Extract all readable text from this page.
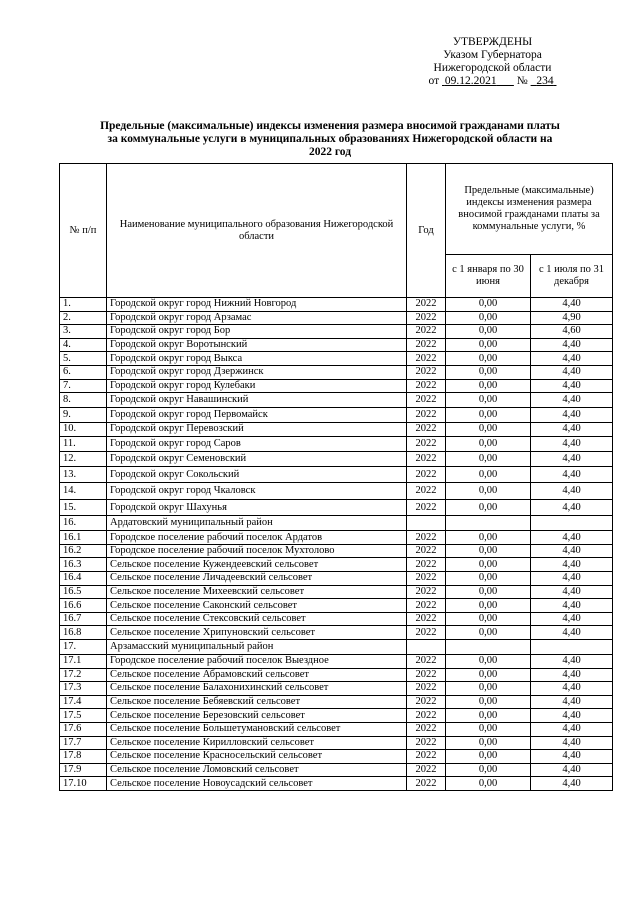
УТВЕРЖДЕНЫ
Указом Губернатора
Нижегородской области
от 09.12.2021 № 234
Предельные (максимальные) индексы изменения размера вносимой гражданами платы за коммунальные услуги в муниципальных образованиях Нижегородской области на 2022 год
№ п/п	Наименование муниципального образования Нижегородской области	Год	Предельные (максимальные) индексы изменения размера вносимой гражданами платы за коммунальные услуги, %	
			с 1 января по 30 июня	с 1 июля по 31 декабря
1.	Городской округ город Нижний Новгород	2022	0,00	4,40
2.	Городской округ город Арзамас	2022	0,00	4,90
3.	Городской округ город Бор	2022	0,00	4,60
4.	Городской округ Воротынский	2022	0,00	4,40
5.	Городской округ город Выкса	2022	0,00	4,40
6.	Городской округ город Дзержинск	2022	0,00	4,40
7.	Городской округ город Кулебаки	2022	0,00	4,40
8.	Городской округ Навашинский	2022	0,00	4,40
9.	Городской округ город Первомайск	2022	0,00	4,40
10.	Городской округ Перевозский	2022	0,00	4,40
11.	Городской округ город Саров	2022	0,00	4,40
12.	Городской округ Семеновский	2022	0,00	4,40
13.	Городской округ Сокольский	2022	0,00	4,40
14.	Городской округ город Чкаловск	2022	0,00	4,40
15.	Городской округ Шахунья	2022	0,00	4,40
16.	Ардатовский муниципальный район			
16.1	Городское поселение рабочий поселок Ардатов	2022	0,00	4,40
16.2	Городское поселение рабочий поселок Мухтолово	2022	0,00	4,40
16.3	Сельское поселение Кужендеевский сельсовет	2022	0,00	4,40
16.4	Сельское поселение Личадеевский сельсовет	2022	0,00	4,40
16.5	Сельское поселение Михеевский сельсовет	2022	0,00	4,40
16.6	Сельское поселение Саконский сельсовет	2022	0,00	4,40
16.7	Сельское поселение Стексовский сельсовет	2022	0,00	4,40
16.8	Сельское поселение Хрипуновский сельсовет	2022	0,00	4,40
17.	Арзамасский муниципальный район			
17.1	Городское поселение рабочий поселок Выездное	2022	0,00	4,40
17.2	Сельское поселение Абрамовский сельсовет	2022	0,00	4,40
17.3	Сельское поселение Балахонихинский сельсовет	2022	0,00	4,40
17.4	Сельское поселение Бебяевский сельсовет	2022	0,00	4,40
17.5	Сельское поселение Березовский сельсовет	2022	0,00	4,40
17.6	Сельское поселение Большетумановский сельсовет	2022	0,00	4,40
17.7	Сельское поселение Кирилловский сельсовет	2022	0,00	4,40
17.8	Сельское поселение Красносельский сельсовет	2022	0,00	4,40
17.9	Сельское поселение Ломовский сельсовет	2022	0,00	4,40
17.10	Сельское поселение Новоусадский сельсовет	2022	0,00	4,40
